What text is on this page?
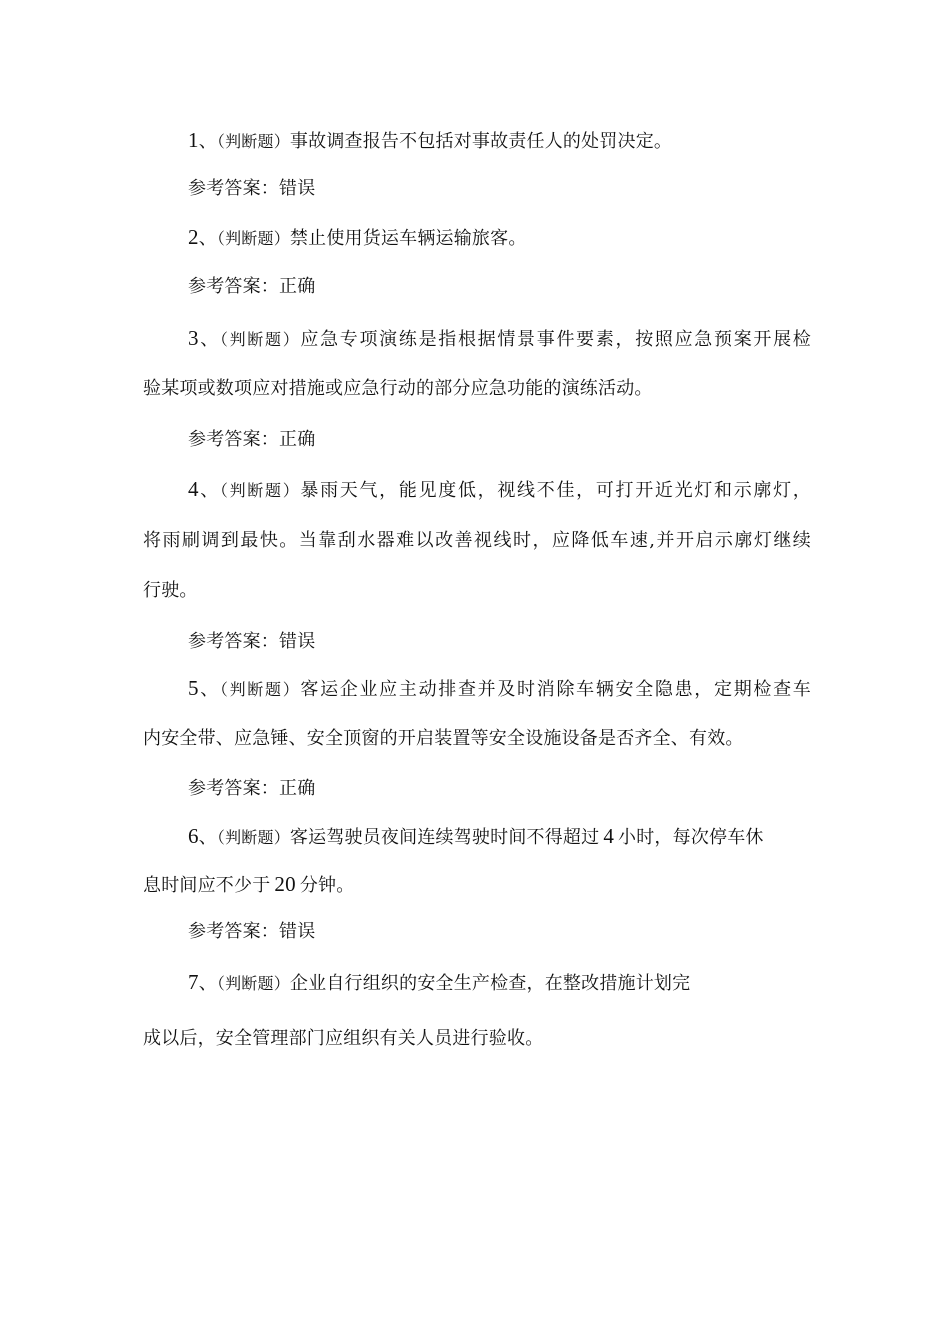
1、（判断题）事故调查报告不包括对事故责任人的处罚决定。
参考答案：错误
2、（判断题）禁止使用货运车辆运输旅客。
参考答案：正确
3、（判断题）应急专项演练是指根据情景事件要素，按照应急预案开展检
验某项或数项应对措施或应急行动的部分应急功能的演练活动。
参考答案：正确
4、（判断题）暴雨天气，能见度低，视线不佳，可打开近光灯和示廓灯，
将雨刷调到最快。当靠刮水器难以改善视线时，应降低车速,并开启示廓灯继续
行驶。
参考答案：错误
5、（判断题）客运企业应主动排查并及时消除车辆安全隐患，定期检查车
内安全带、应急锤、安全顶窗的开启装置等安全设施设备是否齐全、有效。
参考答案：正确
6、（判断题）客运驾驶员夜间连续驾驶时间不得超过 4 小时，每次停车休
息时间应不少于 20 分钟。
参考答案：错误
7、（判断题）企业自行组织的安全生产检查，在整改措施计划完
成以后，安全管理部门应组织有关人员进行验收。
